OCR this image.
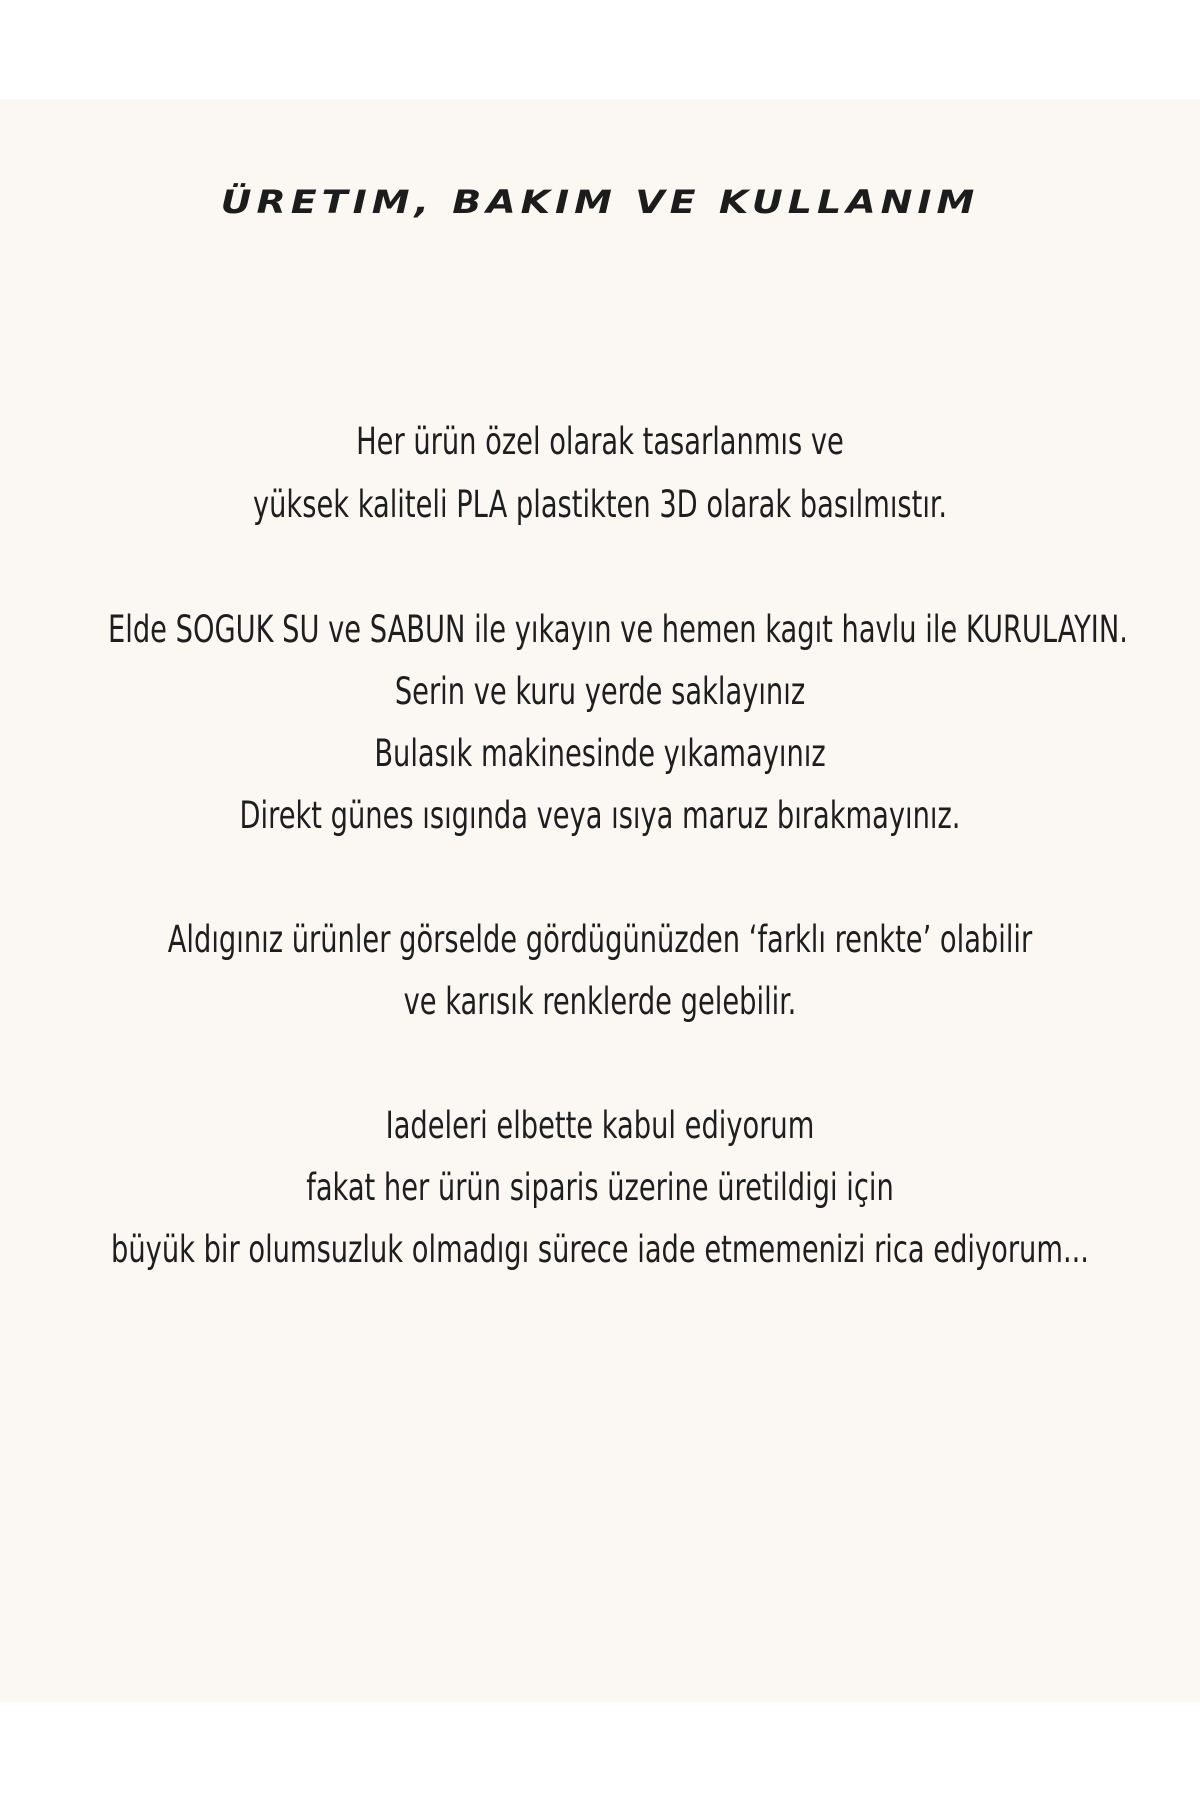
ÜRETIM, BAKIM VE KULLANIM
Her ürün özel olarak tasarlanmıs ve
yüksek kaliteli PLA plastikten 3D olarak basılmıstır.
Elde SOGUK SU ve SABUN ile yıkayın ve hemen kagıt havlu ile KURULAYIN.
Serin ve kuru yerde saklayınız
Bulasık makinesinde yıkamayınız
Direkt günes ısıgında veya ısıya maruz bırakmayınız.
Aldıgınız ürünler görselde gördügünüzden ‘farklı renkte’ olabilir
ve karısık renklerde gelebilir.
Iadeleri elbette kabul ediyorum
fakat her ürün siparis üzerine üretildigi için
büyük bir olumsuzluk olmadıgı sürece iade etmemenizi rica ediyorum...
